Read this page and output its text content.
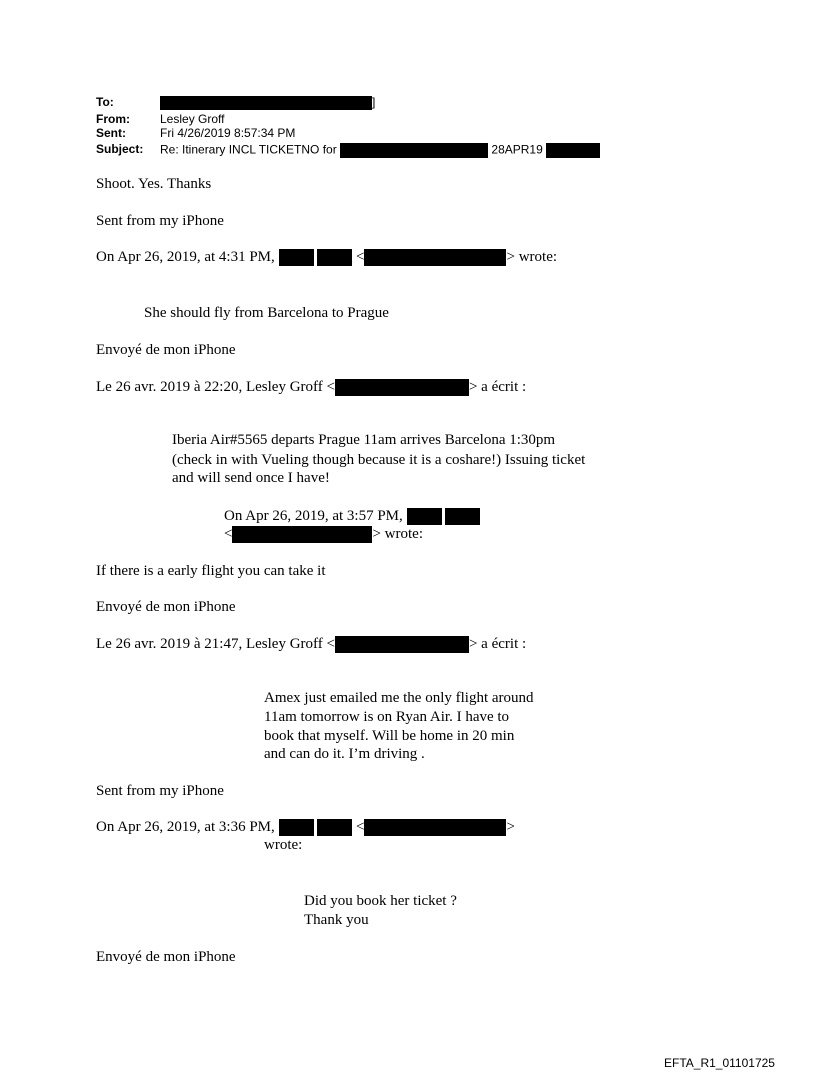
To:	]
From:	Lesley Groff
Sent:	Fri 4/26/2019 8:57:34 PM
Subject: Re: Itinerary INCL TICKETNO for	28APR19
Shoot. Yes. Thanks
Sent from my iPhone
On Apr 26, 2019, at 4:31 PM,	<	> wrote:
She should fly from Barcelona to Prague
Envoyé de mon iPhone
Le 26 avr. 2019 à 22:20, Lesley Groff <	> a écrit :
Iberia Air#5565 departs Prague 11am arrives Barcelona 1:30pm
(check in with Vueling though because it is a coshare!) Issuing ticket
and will send once I have!
On Apr 26, 2019, at 3:57 PM,
<	> wrote:
If there is a early flight you can take it
Envoyé de mon iPhone
Le 26 avr. 2019 à 21:47, Lesley Groff <	> a écrit :
Amex just emailed me the only flight around
11am tomorrow is on Ryan Air. I have to
book that myself. Will be home in 20 min
and can do it. I’m driving .
Sent from my iPhone
On Apr 26, 2019, at 3:36 PM,	<	>
wrote:
Did you book her ticket ?
Thank you
Envoyé de mon iPhone
EFTA_R1_01101725
